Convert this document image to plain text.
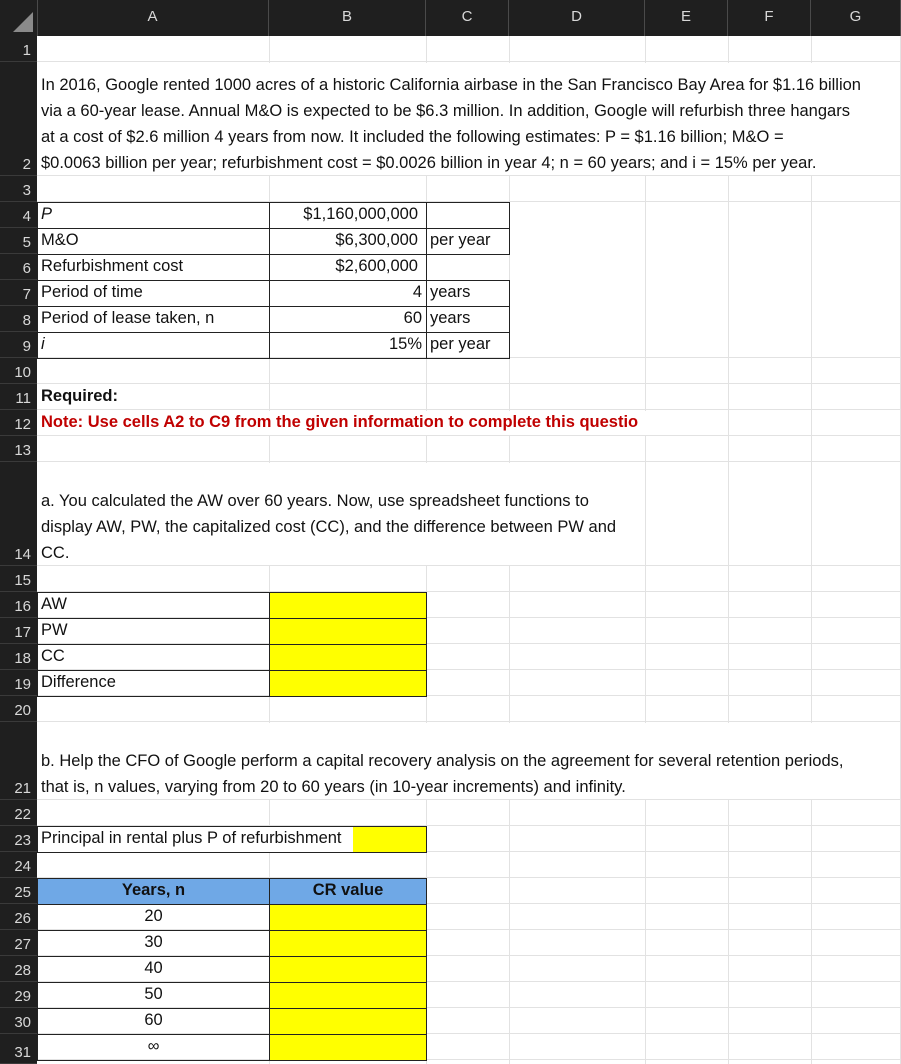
A	B	C	D	E	F	G
1
2
3
4
5
6
7
8
9
10
11
12
13
14
15
16
17
18
19
20
21
22
23
24
25
26
27
28
29
30
31
In 2016, Google rented 1000 acres of a historic California airbase in the San Francisco Bay Area for $1.16 billion
via a 60-year lease. Annual M&O is expected to be $6.3 million. In addition, Google will refurbish three hangars
at a cost of $2.6 million 4 years from now. It included the following estimates: P = $1.16 billion; M&O =
$0.0063 billion per year; refurbishment cost = $0.0026 billion in year 4; n = 60 years; and i = 15% per year.
P	$1,160,000,000
M&O	$6,300,000 per year
Refurbishment cost	$2,600,000
Period of time	4 years
Period of lease taken, n	60 years
i	15% per year
Required:
Note: Use cells A2 to C9 from the given information to complete this questio
a. You calculated the AW over 60 years. Now, use spreadsheet functions to
display AW, PW, the capitalized cost (CC), and the difference between PW and
CC.
AW
PW
CC
Difference
b. Help the CFO of Google perform a capital recovery analysis on the agreement for several retention periods,
that is, n values, varying from 20 to 60 years (in 10-year increments) and infinity.
Principal in rental plus P of refurbishment
Years, n	CR value
20
30
40
50
60
∞
